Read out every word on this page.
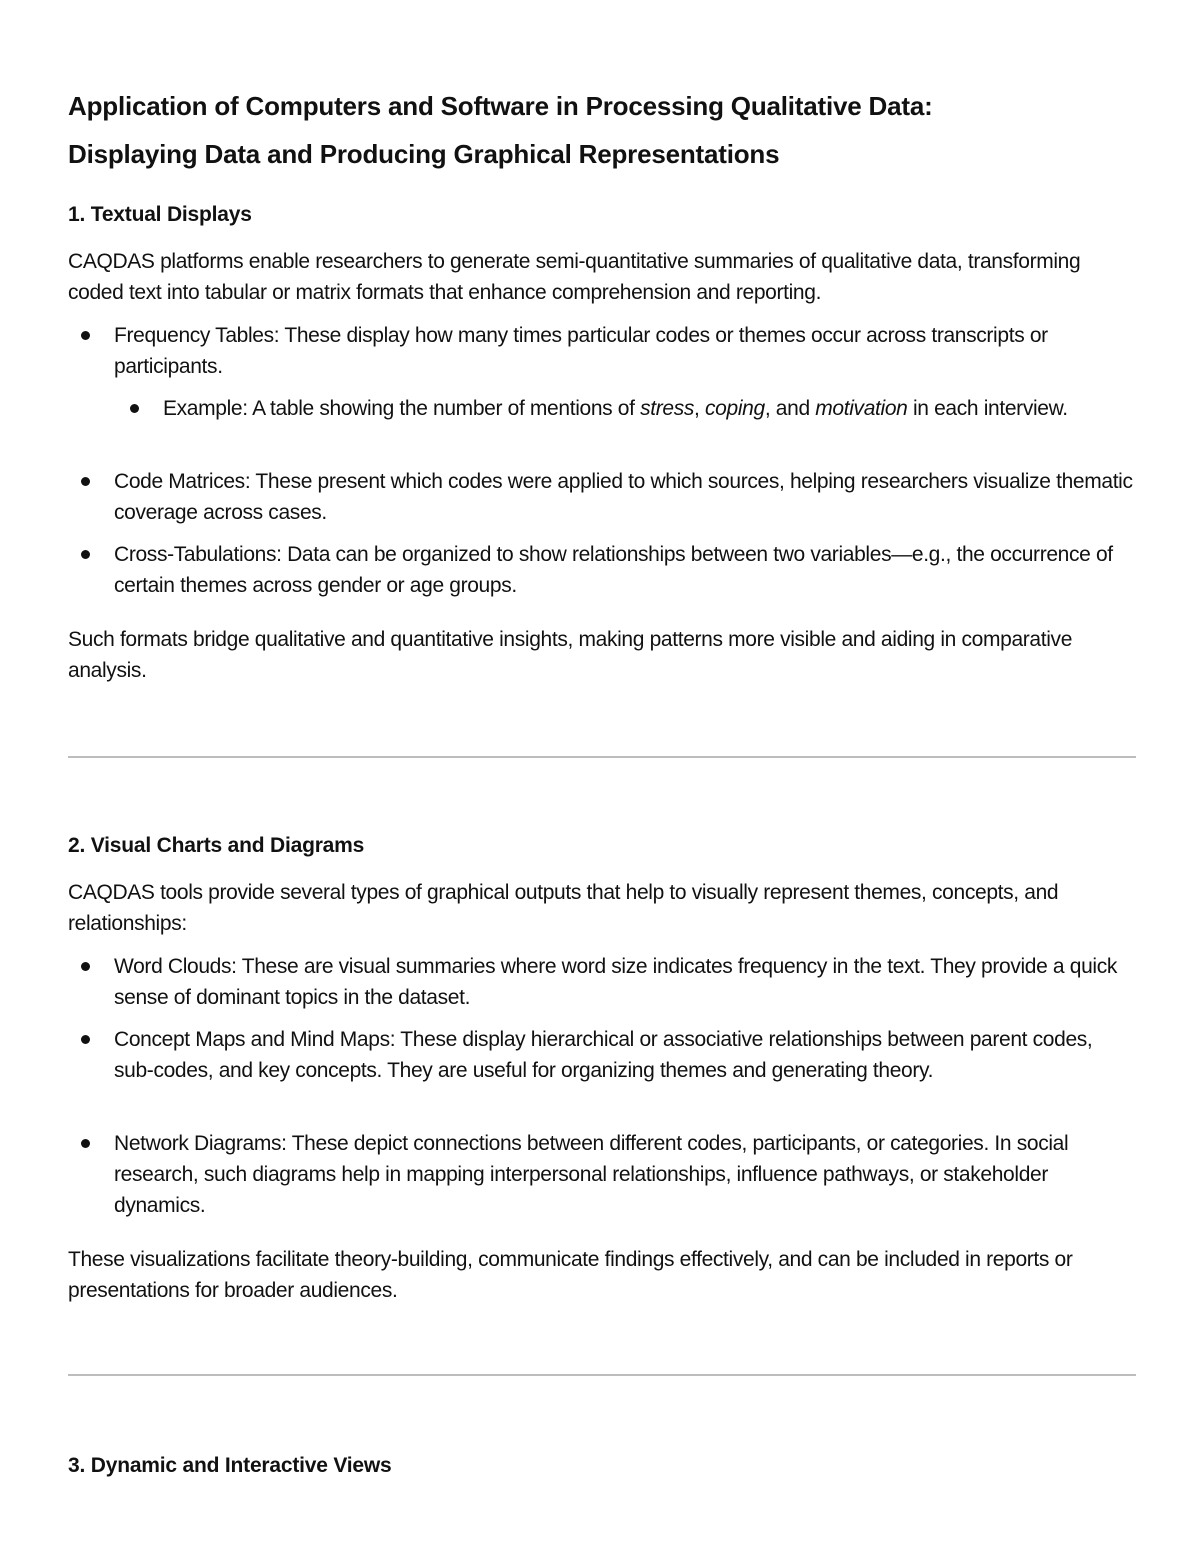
Application of Computers and Software in Processing Qualitative Data:
Displaying Data and Producing Graphical Representations
1. Textual Displays

CAQDAS platforms enable researchers to generate semi-quantitative summaries of qualitative data, transforming coded text into tabular or matrix formats that enhance comprehension and reporting.

Frequency Tables: These display how many times particular codes or themes occur across transcripts or participants.
Example: A table showing the number of mentions of stress, coping, and motivation in each interview.
Code Matrices: These present which codes were applied to which sources, helping researchers visualize thematic coverage across cases.
Cross-Tabulations: Data can be organized to show relationships between two variables—e.g., the occurrence of certain themes across gender or age groups.

Such formats bridge qualitative and quantitative insights, making patterns more visible and aiding in comparative analysis.

2. Visual Charts and Diagrams

CAQDAS tools provide several types of graphical outputs that help to visually represent themes, concepts, and relationships:

Word Clouds: These are visual summaries where word size indicates frequency in the text. They provide a quick sense of dominant topics in the dataset.
Concept Maps and Mind Maps: These display hierarchical or associative relationships between parent codes, sub-codes, and key concepts. They are useful for organizing themes and generating theory.
Network Diagrams: These depict connections between different codes, participants, or categories. In social research, such diagrams help in mapping interpersonal relationships, influence pathways, or stakeholder dynamics.

These visualizations facilitate theory-building, communicate findings effectively, and can be included in reports or presentations for broader audiences.

3. Dynamic and Interactive Views
